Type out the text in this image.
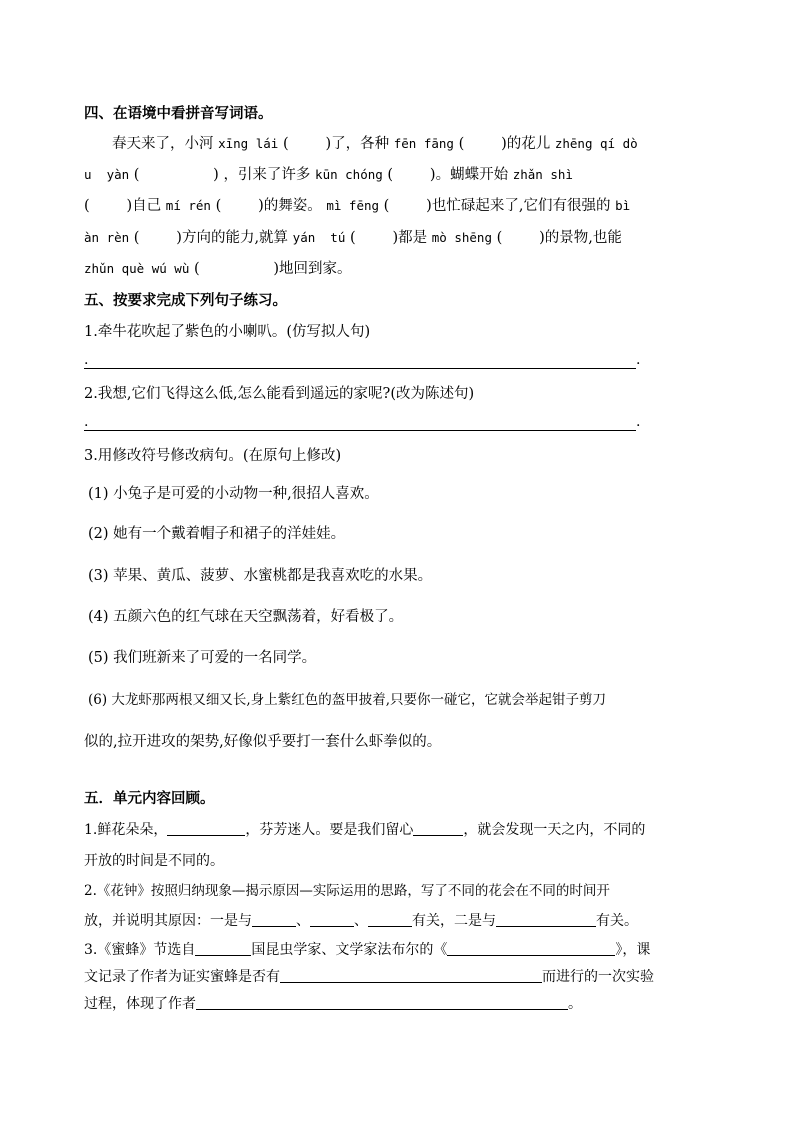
四、在语境中看拼音写词语。
春天来了，小河 xīng lái (        )了，各种 fēn fāng (        )的花儿 zhēng qí dò
u  yàn (                ) ，引来了许多 kūn chóng (        )。蝴蝶开始 zhǎn shì
(        )自己 mí rén (        )的舞姿。 mì fēng (        )也忙碌起来了,它们有很强的 bì
àn rèn (        )方向的能力,就算 yán  tú (        )都是 mò shēng (        )的景物,也能
zhǔn què wú wù (                )地回到家。
五、按要求完成下列句子练习。
1.牵牛花吹起了紫色的小喇叭。(仿写拟人句)
.	.
2.我想,它们飞得这么低,怎么能看到遥远的家呢?(改为陈述句)
.	.
3.用修改符号修改病句。(在原句上修改)
(1) 小兔子是可爱的小动物一种,很招人喜欢。
(2) 她有一个戴着帽子和裙子的洋娃娃。
(3) 苹果、黄瓜、菠萝、水蜜桃都是我喜欢吃的水果。
(4) 五颜六色的红气球在天空飘荡着，好看极了。
(5) 我们班新来了可爱的一名同学。
(6) 大龙虾那两根又细又长,身上紫红色的盔甲披着,只要你一碰它，它就会举起钳子剪刀
似的,拉开进攻的架势,好像似乎要打一套什么虾拳似的。
五．单元内容回顾。
1.鲜花朵朵，	，芬芳迷人。要是我们留心	，就会发现一天之内，不同的
开放的时间是不同的。
2.《花钟》按照归纳现象—揭示原因—实际运用的思路，写了不同的花会在不同的时间开
放，并说明其原因：一是与	、	、	有关，二是与	有关。
3.《蜜蜂》节选自	国昆虫学家、文学家法布尔的《	》，课
文记录了作者为证实蜜蜂是否有	而进行的一次实验
过程，体现了作者	。
